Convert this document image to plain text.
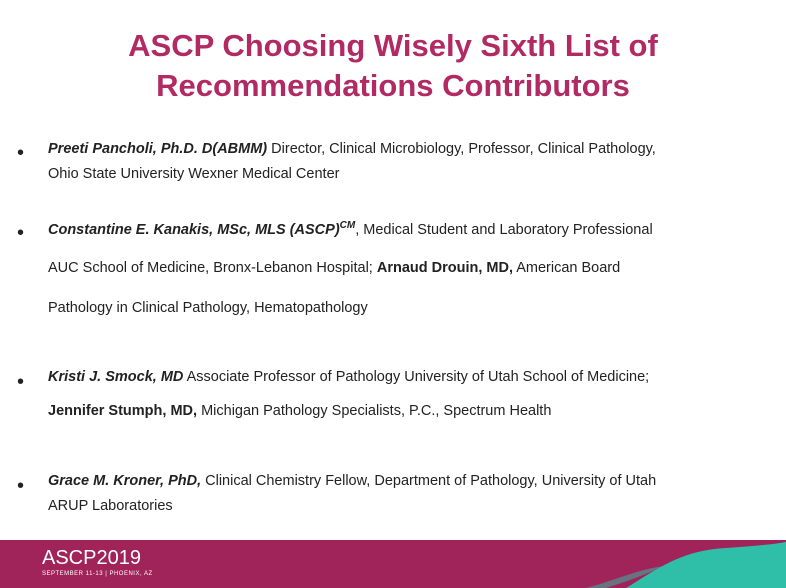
ASCP Choosing Wisely Sixth List of
Recommendations Contributors
• Preeti Pancholi, Ph.D. D(ABMM) Director, Clinical Microbiology, Professor, Clinical Pathology,
Ohio State University Wexner Medical Center
• Constantine E. Kanakis, MSc, MLS (ASCP)$^{CM}$, Medical Student and Laboratory Professional
AUC School of Medicine, Bronx-Lebanon Hospital; Arnaud Drouin, MD, American Board
Pathology in Clinical Pathology, Hematopathology
• Kristi J. Smock, MD Associate Professor of Pathology University of Utah School of Medicine;
Jennifer Stumph, MD, Michigan Pathology Specialists, P.C., Spectrum Health
• Grace M. Kroner, PhD, Clinical Chemistry Fellow, Department of Pathology, University of Utah
ARUP Laboratories
ASCP2019
SEPTEMBER 11-13 | PHOENIX, AZ
